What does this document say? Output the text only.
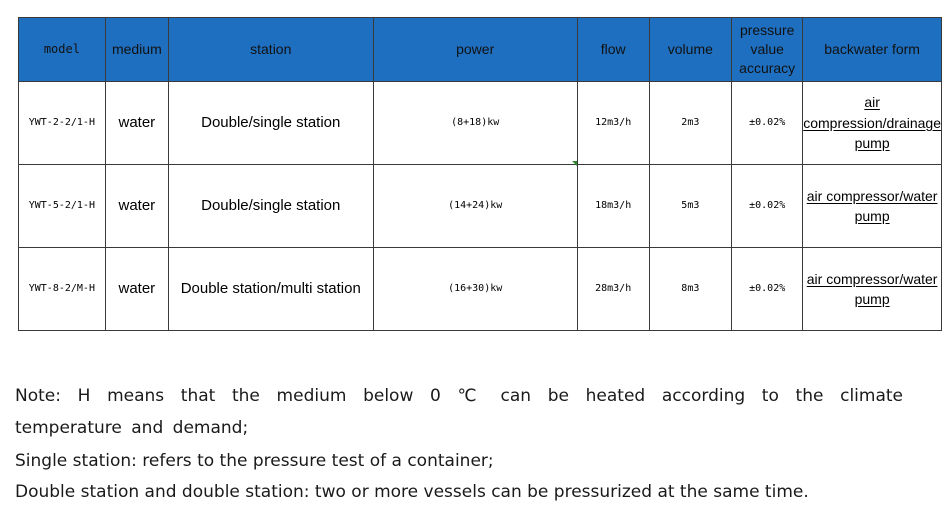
model	medium	station	power	flow	volume	pressure value accuracy	backwater form
YWT-2-2/1-H	water	Double/single station	(8+18)kw	12m3/h	2m3	±0.02%	air compression/drainage pump
YWT-5-2/1-H	water	Double/single station	(14+24)kw	18m3/h	5m3	±0.02%	air compressor/water pump
YWT-8-2/M-H	water	Double station/multi station	(16+30)kw	28m3/h	8m3	±0.02%	air compressor/water pump

Note: H means that the medium below 0 ℃ can be heated according to the climate temperature and demand;

Single station: refers to the pressure test of a container;

Double station and double station: two or more vessels can be pressurized at the same time.
